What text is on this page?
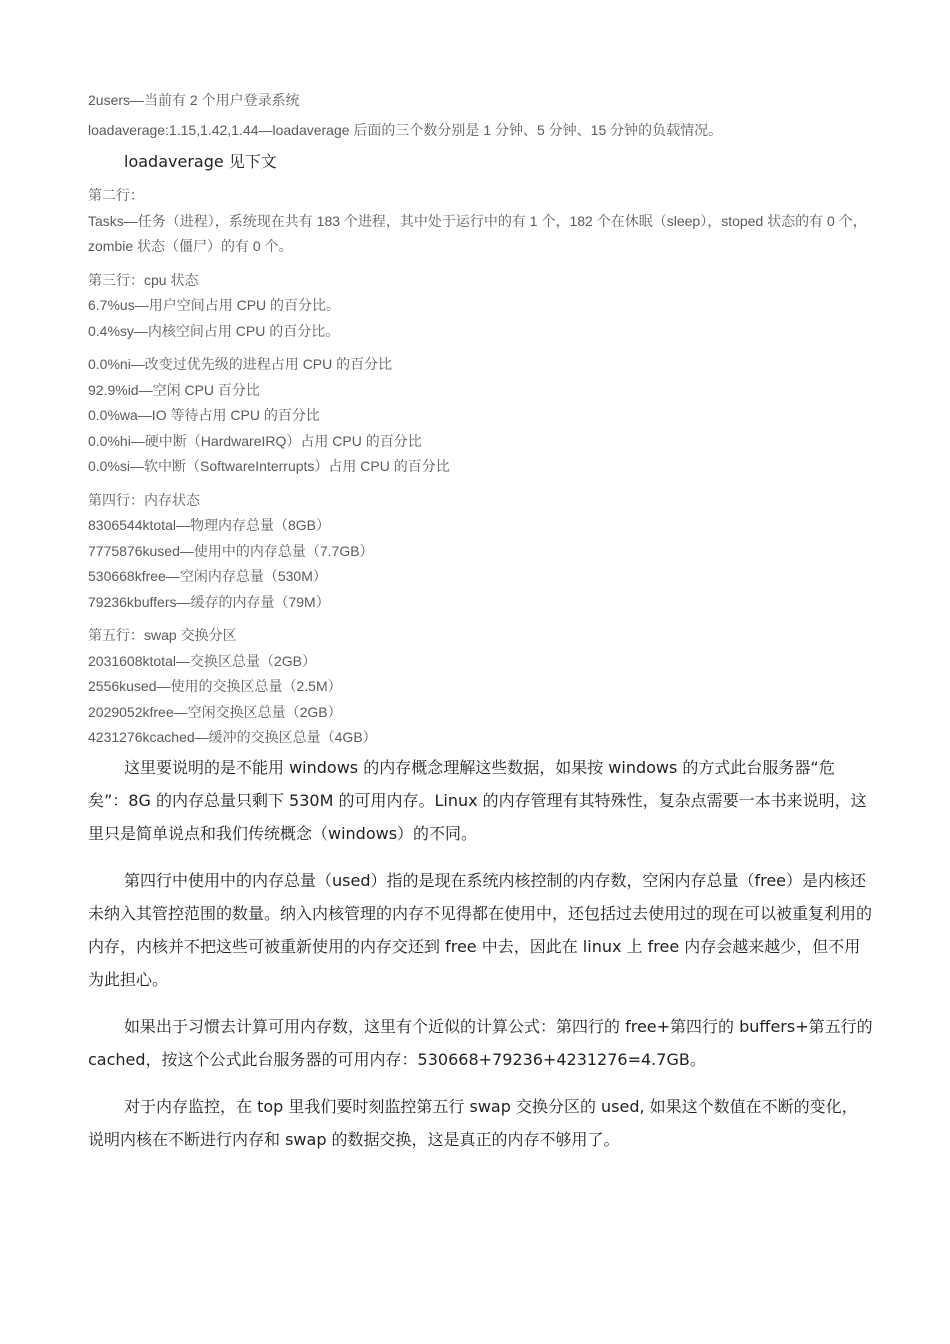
2users—当前有 2 个用户登录系统

loadaverage:1.15,1.42,1.44—loadaverage 后面的三个数分别是 1 分钟、5 分钟、15 分钟的负载情况。

loadaverage 见下文

第二行：

Tasks—任务（进程），系统现在共有 183 个进程，其中处于运行中的有 1 个，182 个在休眠（sleep），stoped 状态的有 0 个，zombie 状态（僵尸）的有 0 个。

第三行：cpu 状态

6.7%us—用户空间占用 CPU 的百分比。

0.4%sy—内核空间占用 CPU 的百分比。

0.0%ni—改变过优先级的进程占用 CPU 的百分比

92.9%id—空闲 CPU 百分比

0.0%wa—IO 等待占用 CPU 的百分比

0.0%hi—硬中断（HardwareIRQ）占用 CPU 的百分比

0.0%si—软中断（SoftwareInterrupts）占用 CPU 的百分比

第四行：内存状态

8306544ktotal—物理内存总量（8GB）

7775876kused—使用中的内存总量（7.7GB）

530668kfree—空闲内存总量（530M）

79236kbuffers—缓存的内存量（79M）

第五行：swap 交换分区

2031608ktotal—交换区总量（2GB）

2556kused—使用的交换区总量（2.5M）

2029052kfree—空闲交换区总量（2GB）

4231276kcached—缓冲的交换区总量（4GB）

这里要说明的是不能用 windows 的内存概念理解这些数据，如果按 windows 的方式此台服务器“危矣”：8G 的内存总量只剩下 530M 的可用内存。Linux 的内存管理有其特殊性，复杂点需要一本书来说明，这里只是简单说点和我们传统概念（windows）的不同。

第四行中使用中的内存总量（used）指的是现在系统内核控制的内存数，空闲内存总量（free）是内核还未纳入其管控范围的数量。纳入内核管理的内存不见得都在使用中，还包括过去使用过的现在可以被重复利用的内存，内核并不把这些可被重新使用的内存交还到 free 中去，因此在 linux 上 free 内存会越来越少，但不用为此担心。

如果出于习惯去计算可用内存数，这里有个近似的计算公式：第四行的 free+第四行的 buffers+第五行的 cached，按这个公式此台服务器的可用内存：530668+79236+4231276=4.7GB。

对于内存监控，在 top 里我们要时刻监控第五行 swap 交换分区的 used, 如果这个数值在不断的变化，说明内核在不断进行内存和 swap 的数据交换，这是真正的内存不够用了。
